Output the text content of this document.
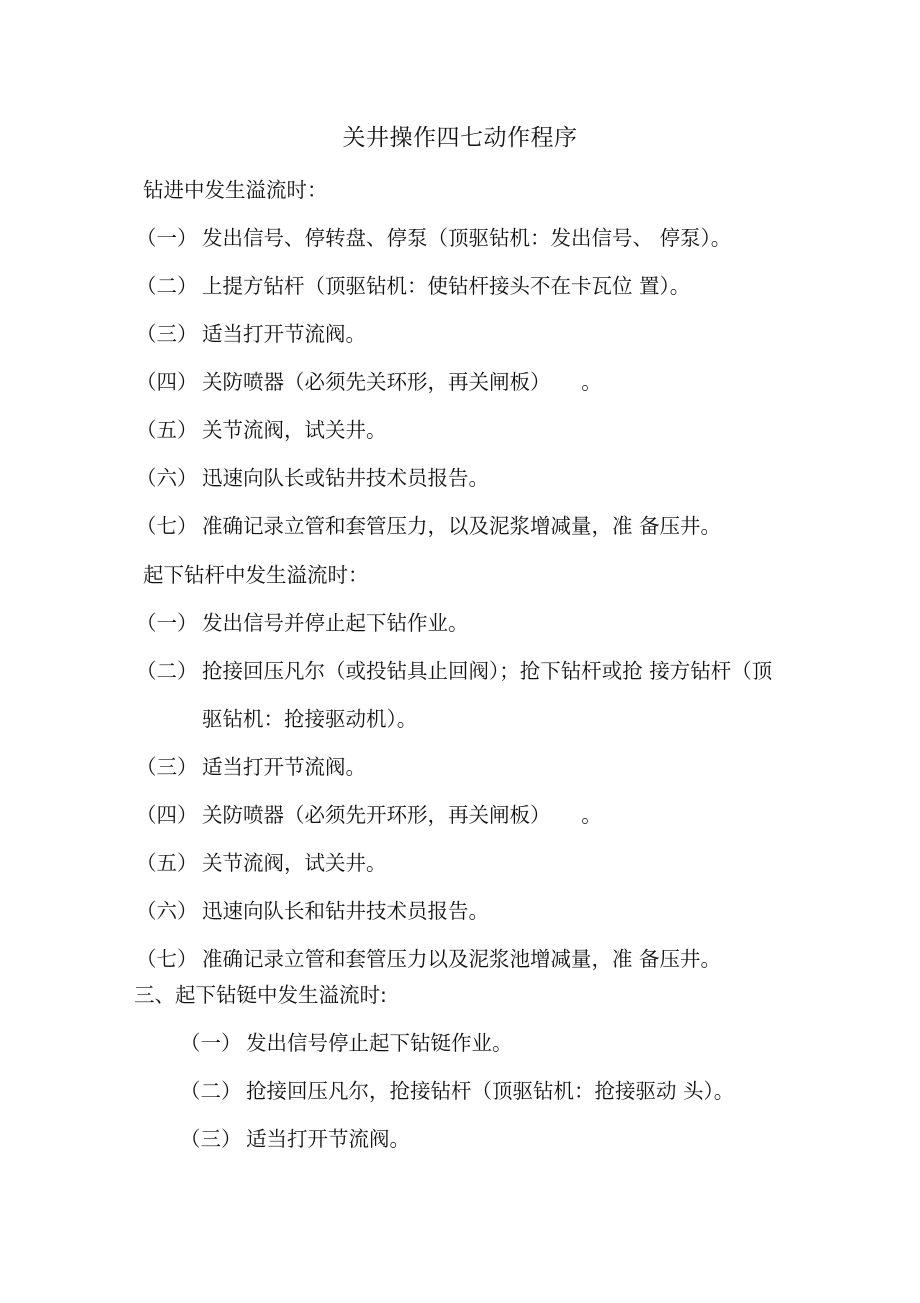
关井操作四七动作程序
钻进中发生溢流时：
（一） 发出信号、停转盘、停泵（顶驱钻机：发出信号、 停泵）。
（二） 上提方钻杆（顶驱钻机：使钻杆接头不在卡瓦位 置）。
（三） 适当打开节流阀。
（四） 关防喷器（必须先关环形，再关闸板）　　。
（五） 关节流阀，试关井。
（六） 迅速向队长或钻井技术员报告。
（七） 准确记录立管和套管压力，以及泥浆增减量，准 备压井。
起下钻杆中发生溢流时：
（一） 发出信号并停止起下钻作业。
（二） 抢接回压凡尔（或投钻具止回阀）；抢下钻杆或抢 接方钻杆（顶
驱钻机：抢接驱动机）。
（三） 适当打开节流阀。
（四） 关防喷器（必须先开环形，再关闸板）　　。
（五） 关节流阀，试关井。
（六） 迅速向队长和钻井技术员报告。
（七） 准确记录立管和套管压力以及泥浆池增减量，准 备压井。
三、起下钻铤中发生溢流时:
（一） 发出信号停止起下钻铤作业。
（二） 抢接回压凡尔，抢接钻杆（顶驱钻机：抢接驱动 头）。
（三） 适当打开节流阀。
